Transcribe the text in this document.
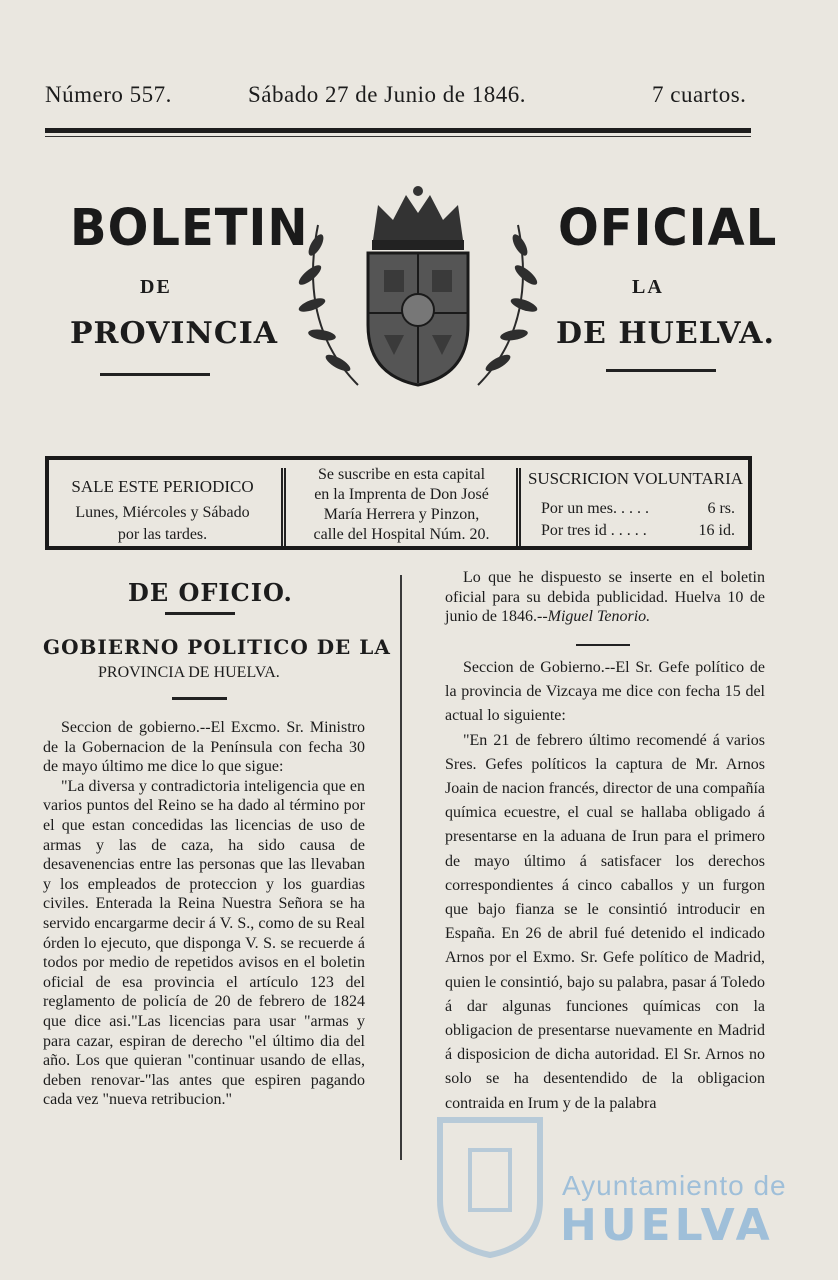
Número 557.	Sábado 27 de Junio de 1846.	7 cuartos.
BOLETIN	OFICIAL
DE	LA
PROVINCIA	DE HUELVA.
SALE ESTE PERIODICO
Lunes, Miércoles y Sábado
por las tardes.
Se suscribe en esta capital
en la Imprenta de Don José
María Herrera y Pinzon,
calle del Hospital Núm. 20.
SUSCRICION VOLUNTARIA
Por un mes. . . . .	6 rs.
Por tres id . . . . .	16 id.
DE OFICIO.
GOBIERNO POLITICO DE LA
PROVINCIA DE HUELVA.

Seccion de gobierno.--El Excmo. Sr. Ministro de la Gobernacion de la Península con fecha 30 de mayo último me dice lo que sigue:

"La diversa y contradictoria inteligencia que en varios puntos del Reino se ha dado al término por el que estan concedidas las licencias de uso de armas y las de caza, ha sido causa de desavenencias entre las personas que las llevaban y los empleados de proteccion y los guardias civiles. Enterada la Reina Nuestra Señora se ha servido encargarme decir á V. S., como de su Real órden lo ejecuto, que disponga V. S. se recuerde á todos por medio de repetidos avisos en el boletin oficial de esa provincia el artículo 123 del reglamento de policía de 20 de febrero de 1824 que dice asi."Las licencias para usar "armas y para cazar, espiran de derecho "el último dia del año. Los que quieran "continuar usando de ellas, deben renovar-"las antes que espiren pagando cada vez "nueva retribucion."

Lo que he dispuesto se inserte en el boletin oficial para su debida publicidad. Huelva 10 de junio de 1846.--Miguel Tenorio.

Seccion de Gobierno.--El Sr. Gefe político de la provincia de Vizcaya me dice con fecha 15 del actual lo siguiente:

"En 21 de febrero último recomendé á varios Sres. Gefes políticos la captura de Mr. Arnos Joain de nacion francés, director de una compañía química ecuestre, el cual se hallaba obligado á presentarse en la aduana de Irun para el primero de mayo último á satisfacer los derechos correspondientes á cinco caballos y un furgon que bajo fianza se le consintió introducir en España. En 26 de abril fué detenido el indicado Arnos por el Exmo. Sr. Gefe político de Madrid, quien le consintió, bajo su palabra, pasar á Toledo á dar algunas funciones químicas con la obligacion de presentarse nuevamente en Madrid á disposicion de dicha autoridad. El Sr. Arnos no solo se ha desentendido de la obligacion contraida en Irum y de la palabra

Ayuntamiento de
HUELVA
